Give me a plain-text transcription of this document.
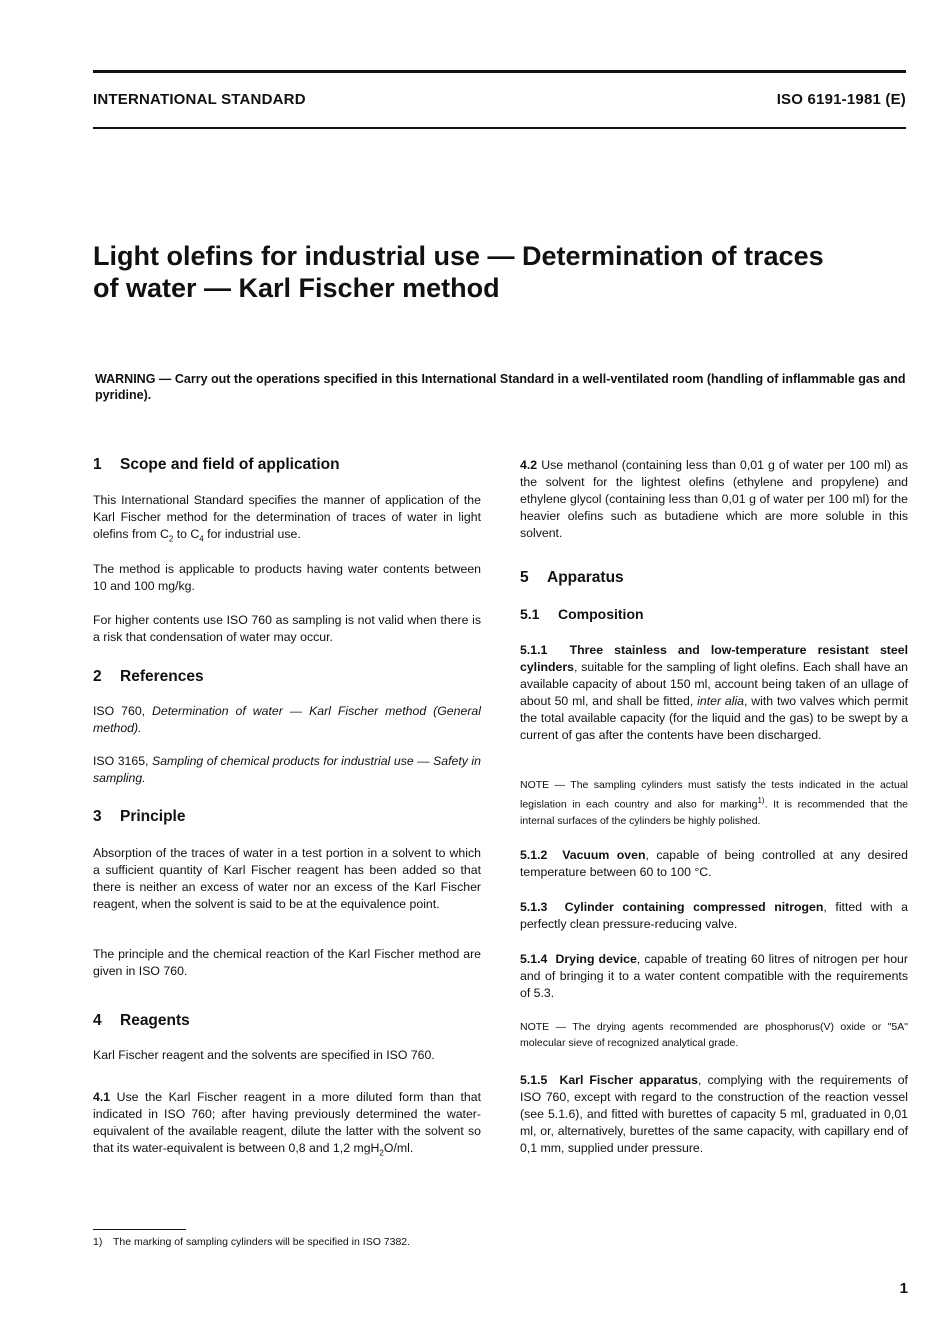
INTERNATIONAL STANDARD	ISO 6191-1981 (E)
Light olefins for industrial use — Determination of traces
of water — Karl Fischer method
WARNING — Carry out the operations specified in this International Standard in a well-ventilated room (handling of inflammable gas and pyridine).
1 Scope and field of application

This International Standard specifies the manner of application of the Karl Fischer method for the determination of traces of water in light olefins from $C_2$ to $C_4$ for industrial use.

The method is applicable to products having water contents between 10 and 100 mg/kg.

For higher contents use ISO 760 as sampling is not valid when there is a risk that condensation of water may occur.

2 References

ISO 760, Determination of water — Karl Fischer method (General method).

ISO 3165, Sampling of chemical products for industrial use — Safety in sampling.

3 Principle

Absorption of the traces of water in a test portion in a solvent to which a sufficient quantity of Karl Fischer reagent has been added so that there is neither an excess of water nor an excess of the Karl Fischer reagent, when the solvent is said to be at the equivalence point.

The principle and the chemical reaction of the Karl Fischer method are given in ISO 760.

4 Reagents

Karl Fischer reagent and the solvents are specified in ISO 760.

4.1 Use the Karl Fischer reagent in a more diluted form than that indicated in ISO 760; after having previously determined the water-equivalent of the available reagent, dilute the latter with the solvent so that its water-equivalent is between 0,8 and 1,2 mgH$_2$O/ml.

4.2 Use methanol (containing less than 0,01 g of water per 100 ml) as the solvent for the lightest olefins (ethylene and propylene) and ethylene glycol (containing less than 0,01 g of water per 100 ml) for the heavier olefins such as butadiene which are more soluble in this solvent.

5 Apparatus
5.1 Composition

5.1.1 Three stainless and low-temperature resistant steel cylinders, suitable for the sampling of light olefins. Each shall have an available capacity of about 150 ml, account being taken of an ullage of about 50 ml, and shall be fitted, inter alia, with two valves which permit the total available capacity (for the liquid and the gas) to be swept by a current of gas after the contents have been discharged.

NOTE — The sampling cylinders must satisfy the tests indicated in the actual legislation in each country and also for marking$^{1)}$. It is recommended that the internal surfaces of the cylinders be highly polished.

5.1.2 Vacuum oven, capable of being controlled at any desired temperature between 60 to 100 °C.

5.1.3 Cylinder containing compressed nitrogen, fitted with a perfectly clean pressure-reducing valve.

5.1.4 Drying device, capable of treating 60 litres of nitrogen per hour and of bringing it to a water content compatible with the requirements of 5.3.

NOTE — The drying agents recommended are phosphorus(V) oxide or "5A" molecular sieve of recognized analytical grade.

5.1.5 Karl Fischer apparatus, complying with the requirements of ISO 760, except with regard to the construction of the reaction vessel (see 5.1.6), and fitted with burettes of capacity 5 ml, graduated in 0,01 ml, or, alternatively, burettes of the same capacity, with capillary end of 0,1 mm, supplied under pressure.

1) The marking of sampling cylinders will be specified in ISO 7382.
1
